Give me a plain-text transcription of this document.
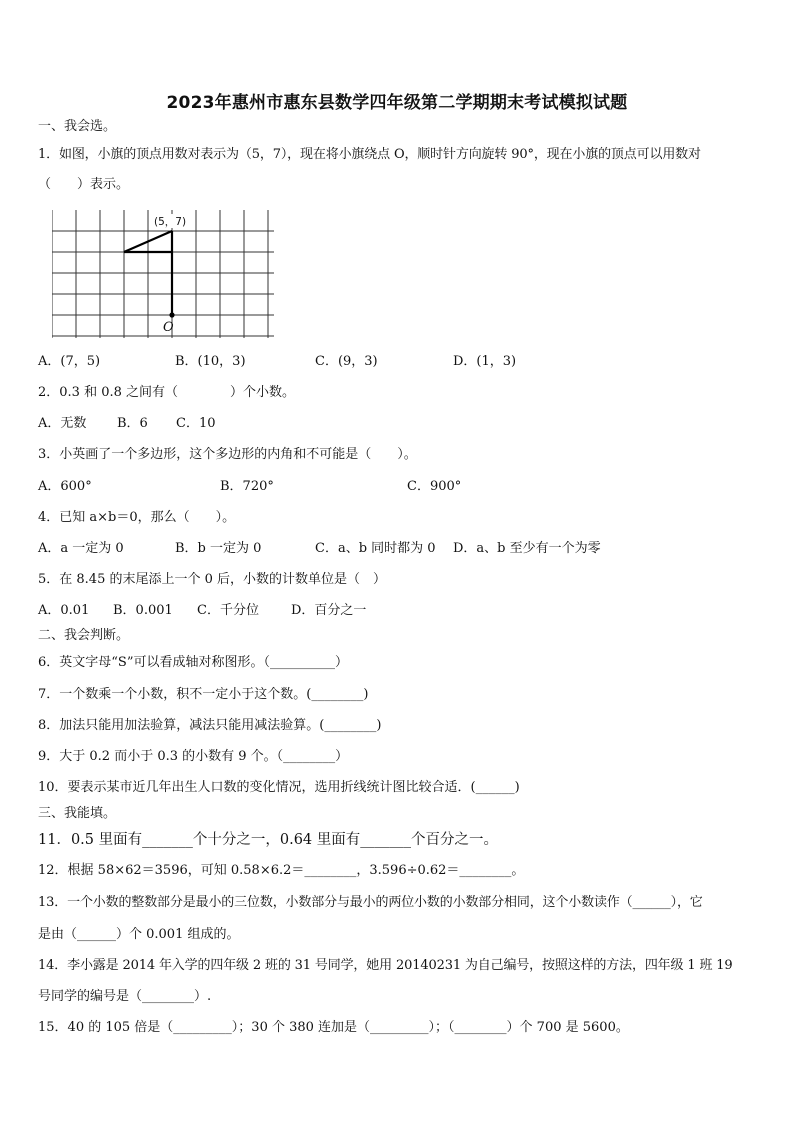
2023年惠州市惠东县数学四年级第二学期期末考试模拟试题
一、我会选。
1．如图，小旗的顶点用数对表示为（5，7），现在将小旗绕点 O，顺时针方向旋转 90°，现在小旗的顶点可以用数对
（　　）表示。
(5，7)
O
A．(7，5)	B．(10，3)	C．(9，3)	D．(1，3)
2．0.3 和 0.8 之间有（　　　　）个小数。
A．无数 B．6 C．10
3．小英画了一个多边形，这个多边形的内角和不可能是（　　）。
A．600°	B．720°	C．900°
4．已知 a×b＝0，那么（　　）。
A．a 一定为 0	B．b 一定为 0	C．a、b 同时都为 0 D．a、b 至少有一个为零
5．在 8.45 的末尾添上一个 0 后，小数的计数单位是（　）
A．0.01 B．0.001 C．千分位 D．百分之一
二、我会判断。
6．英文字母“S”可以看成轴对称图形。（__________）
7．一个数乘一个小数，积不一定小于这个数。(________)
8．加法只能用加法验算，减法只能用减法验算。(________)
9．大于 0.2 而小于 0.3 的小数有 9 个。（________）
10．要表示某市近几年出生人口数的变化情况，选用折线统计图比较合适．(______)
三、我能填。
11．0.5 里面有_______个十分之一，0.64 里面有_______个百分之一。
12．根据 58×62＝3596，可知 0.58×6.2＝________，3.596÷0.62＝________。
13．一个小数的整数部分是最小的三位数，小数部分与最小的两位小数的小数部分相同，这个小数读作（______），它
是由（______）个 0.001 组成的。
14．李小露是 2014 年入学的四年级 2 班的 31 号同学，她用 20140231 为自己编号，按照这样的方法，四年级 1 班 19
号同学的编号是（________）.
15．40 的 105 倍是（_________）；30 个 380 连加是（_________）；（________）个 700 是 5600。
